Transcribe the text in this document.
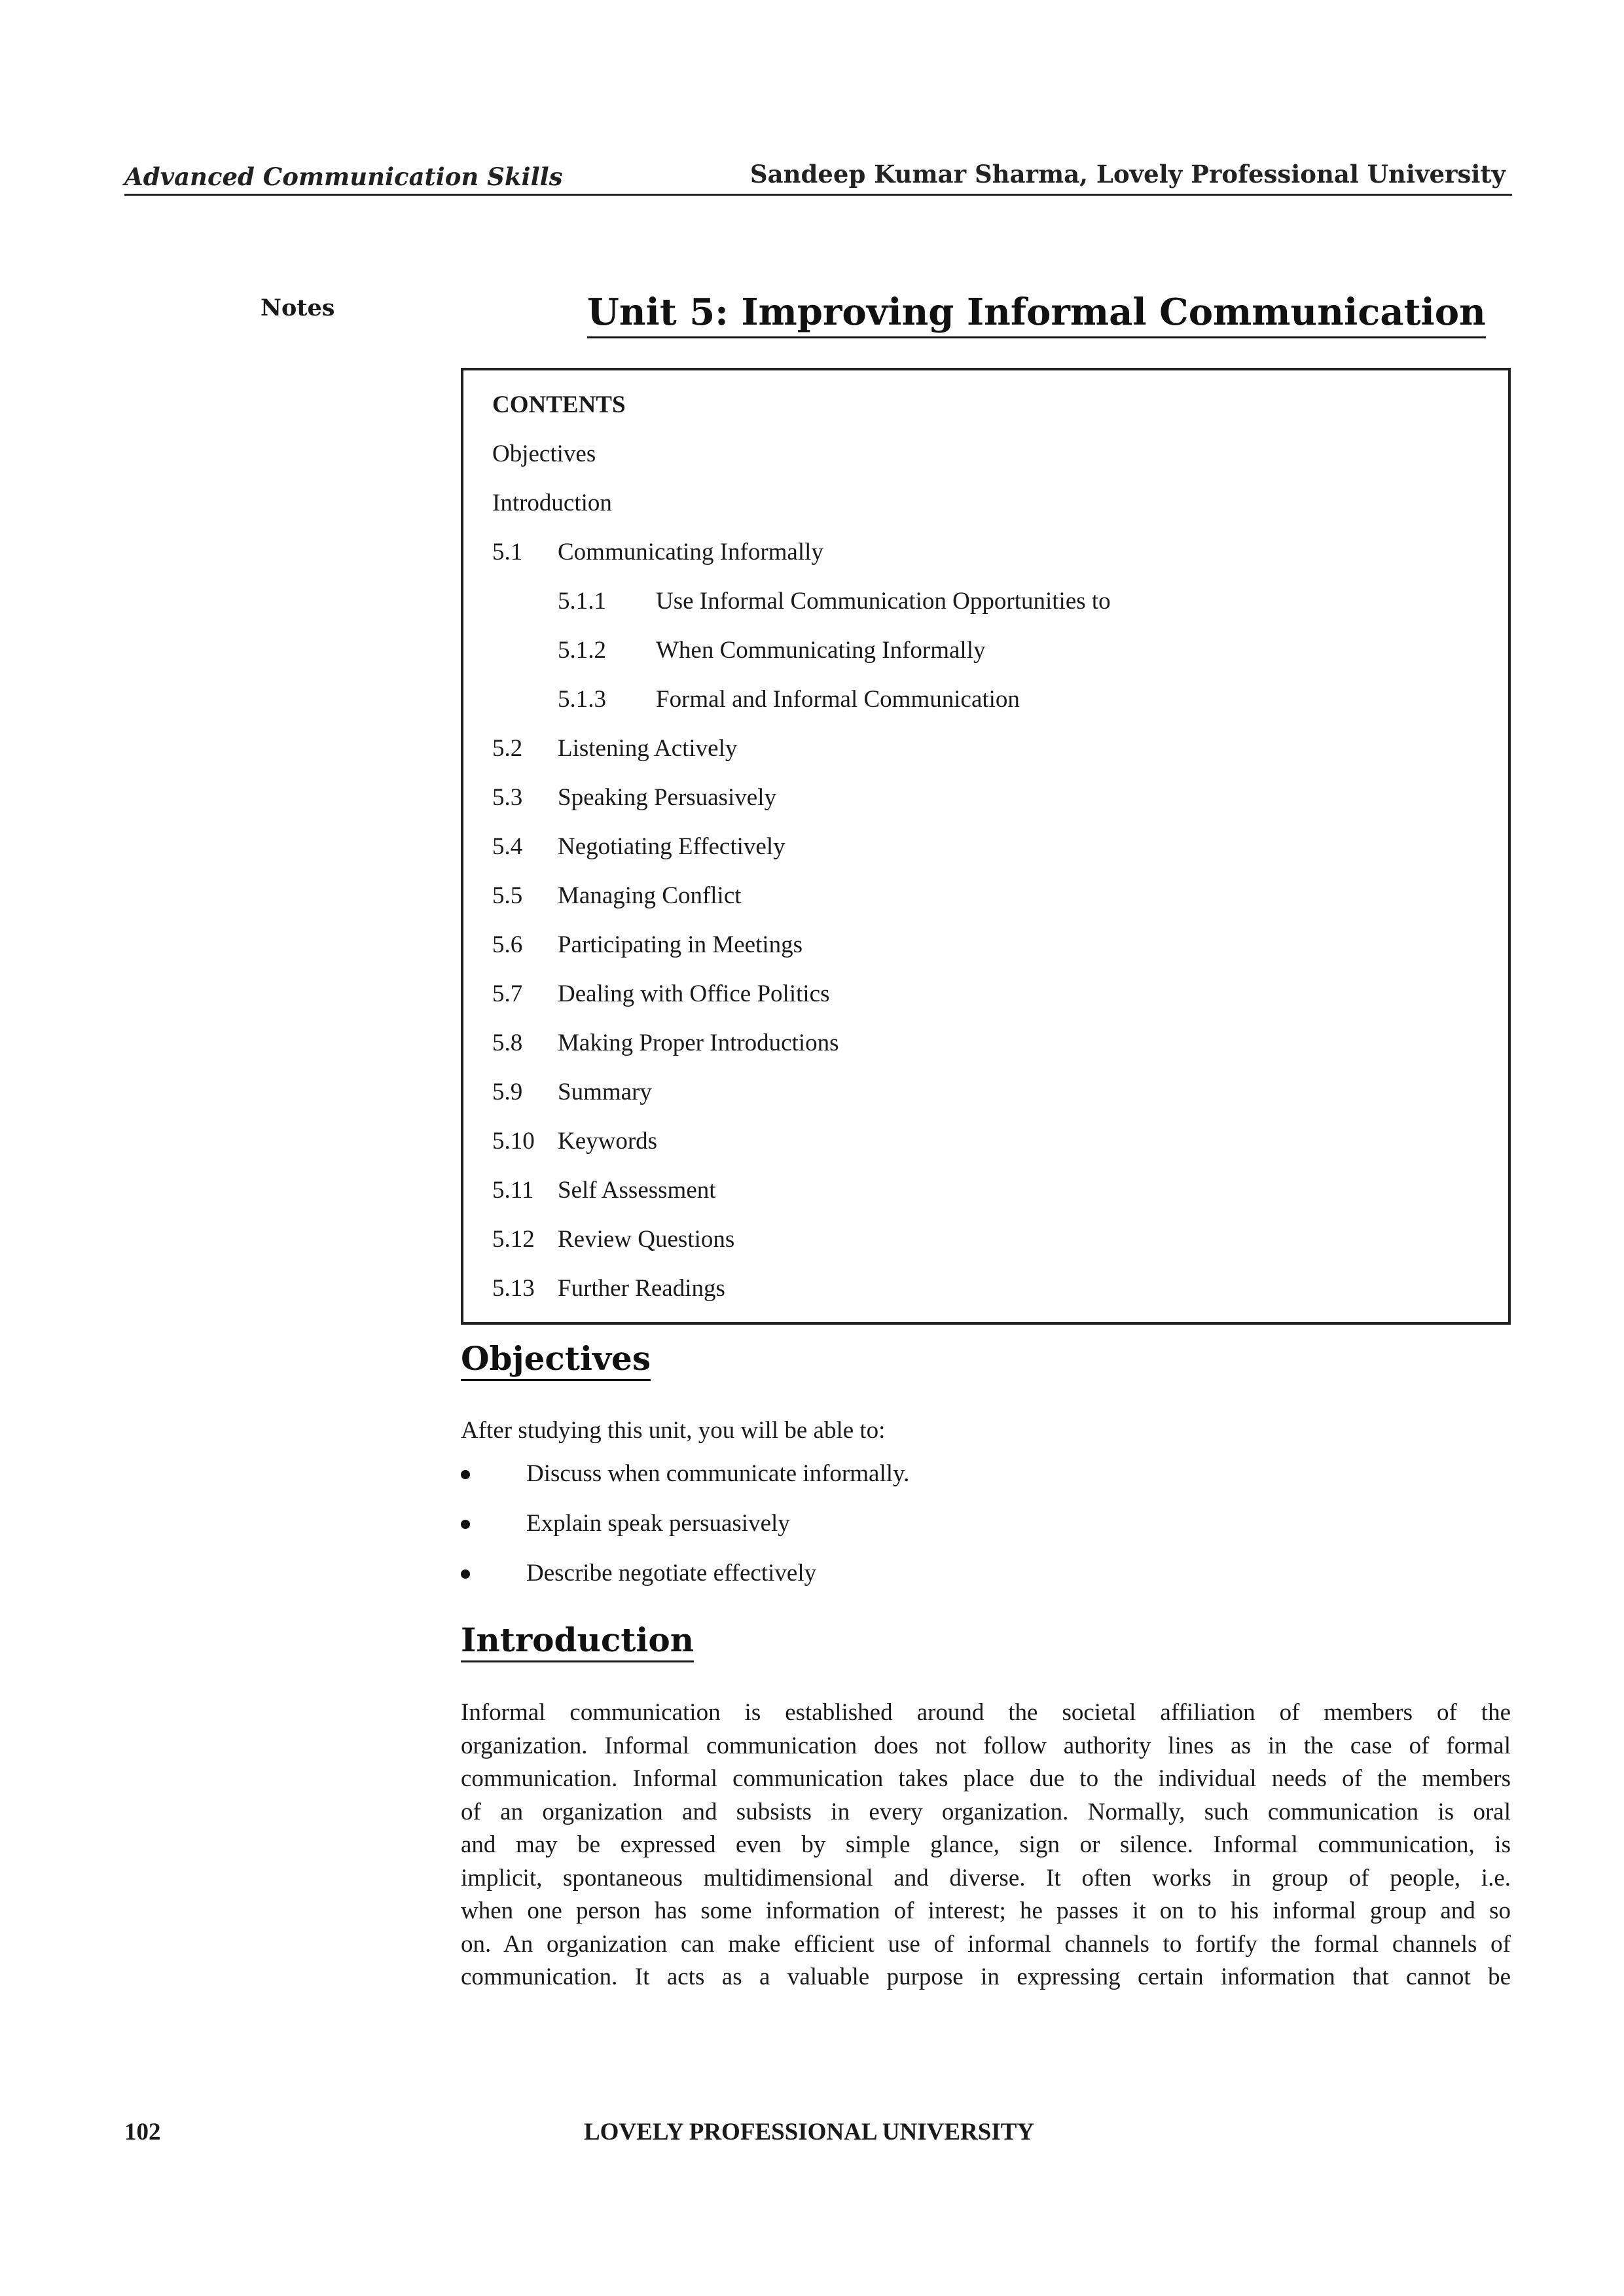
Advanced Communication Skills	Sandeep Kumar Sharma, Lovely Professional University
Notes	Unit 5: Improving Informal Communication
CONTENTS
Objectives
Introduction
5.1 Communicating Informally
5.1.1 Use Informal Communication Opportunities to
5.1.2 When Communicating Informally
5.1.3 Formal and Informal Communication
5.2 Listening Actively
5.3 Speaking Persuasively
5.4 Negotiating Effectively
5.5 Managing Conflict
5.6 Participating in Meetings
5.7 Dealing with Office Politics
5.8 Making Proper Introductions
5.9 Summary
5.10 Keywords
5.11 Self Assessment
5.12 Review Questions
5.13 Further Readings
Objectives
After studying this unit, you will be able to:
Discuss when communicate informally.
Explain speak persuasively
Describe negotiate effectively
Introduction
Informal communication is established around the societal affiliation of members of the
organization. Informal communication does not follow authority lines as in the case of formal
communication. Informal communication takes place due to the individual needs of the members
of an organization and subsists in every organization. Normally, such communication is oral
and may be expressed even by simple glance, sign or silence. Informal communication, is
implicit, spontaneous multidimensional and diverse. It often works in group of people, i.e.
when one person has some information of interest; he passes it on to his informal group and so
on. An organization can make efficient use of informal channels to fortify the formal channels of
communication. It acts as a valuable purpose in expressing certain information that cannot be
102	LOVELY PROFESSIONAL UNIVERSITY
